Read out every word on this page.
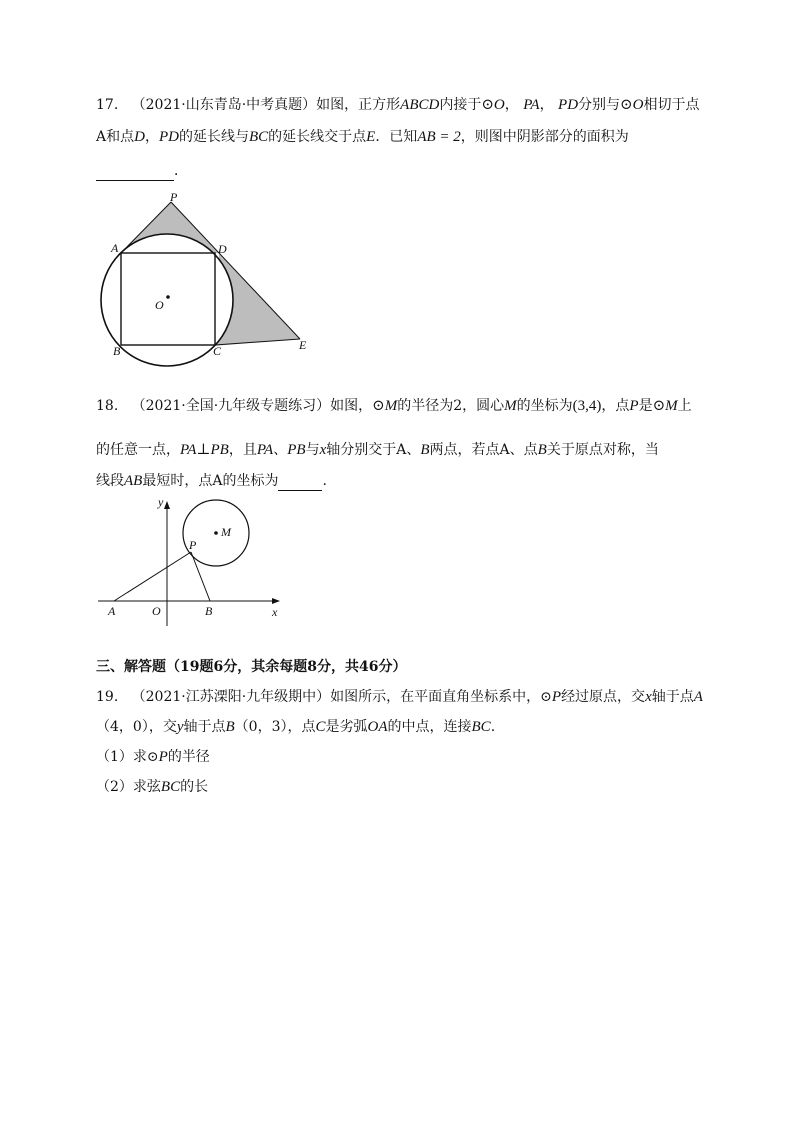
17. （2021·山东青岛·中考真题）如图，正方形ABCD内接于⊙O， PA， PD分别与⊙O相切于点
A和点D，PD的延长线与BC的延长线交于点E．已知AB = 2，则图中阴影部分的面积为
．
P
A	D
O
B	C	E
18. （2021·全国·九年级专题练习）如图，⊙M的半径为2，圆心M的坐标为(3,4)，点P是⊙M上
的任意一点，PA⊥PB，且PA、PB与x轴分别交于A、B两点，若点A、点B关于原点对称，当
线段AB最短时，点A的坐标为	.
y
M
P
A	O	B	x
三、解答题（19题6分，其余每题8分，共46分）
19. （2021·江苏溧阳·九年级期中）如图所示，在平面直角坐标系中，⊙P经过原点，交x轴于点A
（4，0），交y轴于点B（0，3），点C是劣弧OA的中点，连接BC.
（1）求⊙P的半径
（2）求弦BC的长
